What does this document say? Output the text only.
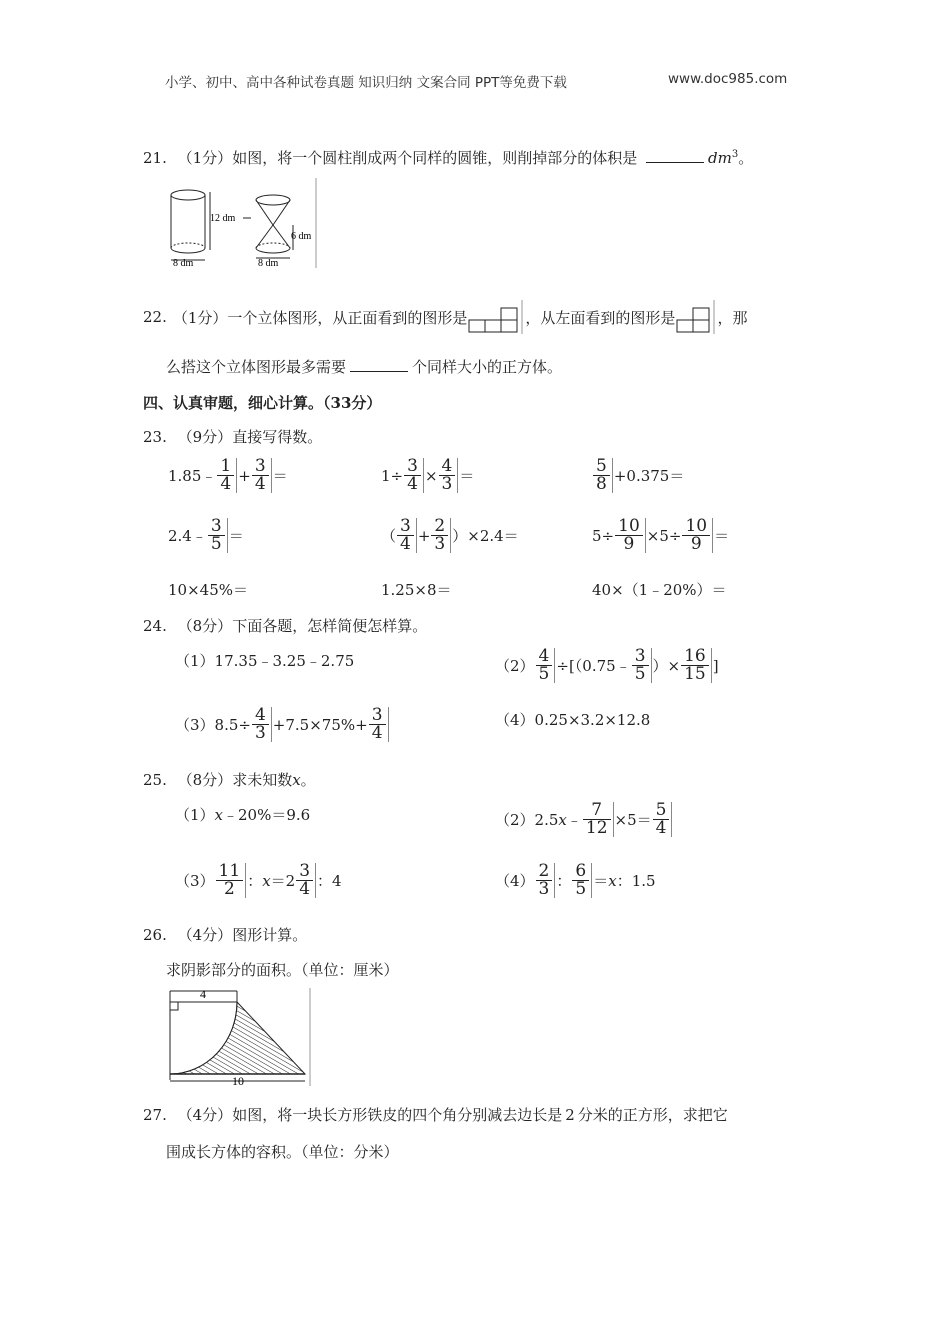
小学、初中、高中各种试卷真题 知识归纳 文案合同 PPT等免费下载	www.doc985.com
21. （1分）如图，将一个圆柱削成两个同样的圆锥，则削掉部分的体积是	$dm^3$。
12 dm
8 dm
6 dm
8 dm
22. （1分） 一个立体图形，从正面看到的图形是	，从左面看到的图形是	，那
么搭这个立体图形最多需要	个同样大小的正方体。
四、认真审题，细心计算。（33分）
23. （9分）直接写得数。
1.85﹣ $\frac{1}{4} + \frac{3}{4}$ ＝	$1\div \frac{3}{4} \times \frac{4}{3}$ ＝	$\frac{5}{8} +0.375=$
2.4﹣ $\frac{3}{5}$ ＝	（ $\frac{3}{4} + \frac{2}{3} )\times 2.4=$	$5\div \frac{10}{9} \times 5\div \frac{10}{9}$ ＝
10×45%＝	1.25×8＝	40×（1﹣20%）＝
24. （8分）下面各题，怎样简便怎样算。
（1）17.35﹣3.25﹣2.75	$(2) \frac{4}{5}$ ÷[（0.75﹣ $\frac{3}{5}$ ）× $\frac{16}{15}$ ]
$(3)8.5\div \frac{4}{3} +7.5\times 75\%+ \frac{3}{4}$	（4）0.25×3.2×12.8
25. （8分）求未知数x。
（1）x﹣20%＝9.6	（2）2.5 x ﹣ $\frac{7}{12} \times 5= \frac{5}{4}$
$(3) \frac{11}{2}$ ： $x =2 \frac{3}{4}$ ：4	$(4) \frac{2}{3}$ ： $\frac{6}{5} = x$ ：1.5
26. （4分）图形计算。
求阴影部分的面积。（单位：厘米）
4
10
27. （4分）如图，将一块长方形铁皮的四个角分别减去边长是 2 分米的正方形，求把它
围成长方体的容积。（单位：分米）
